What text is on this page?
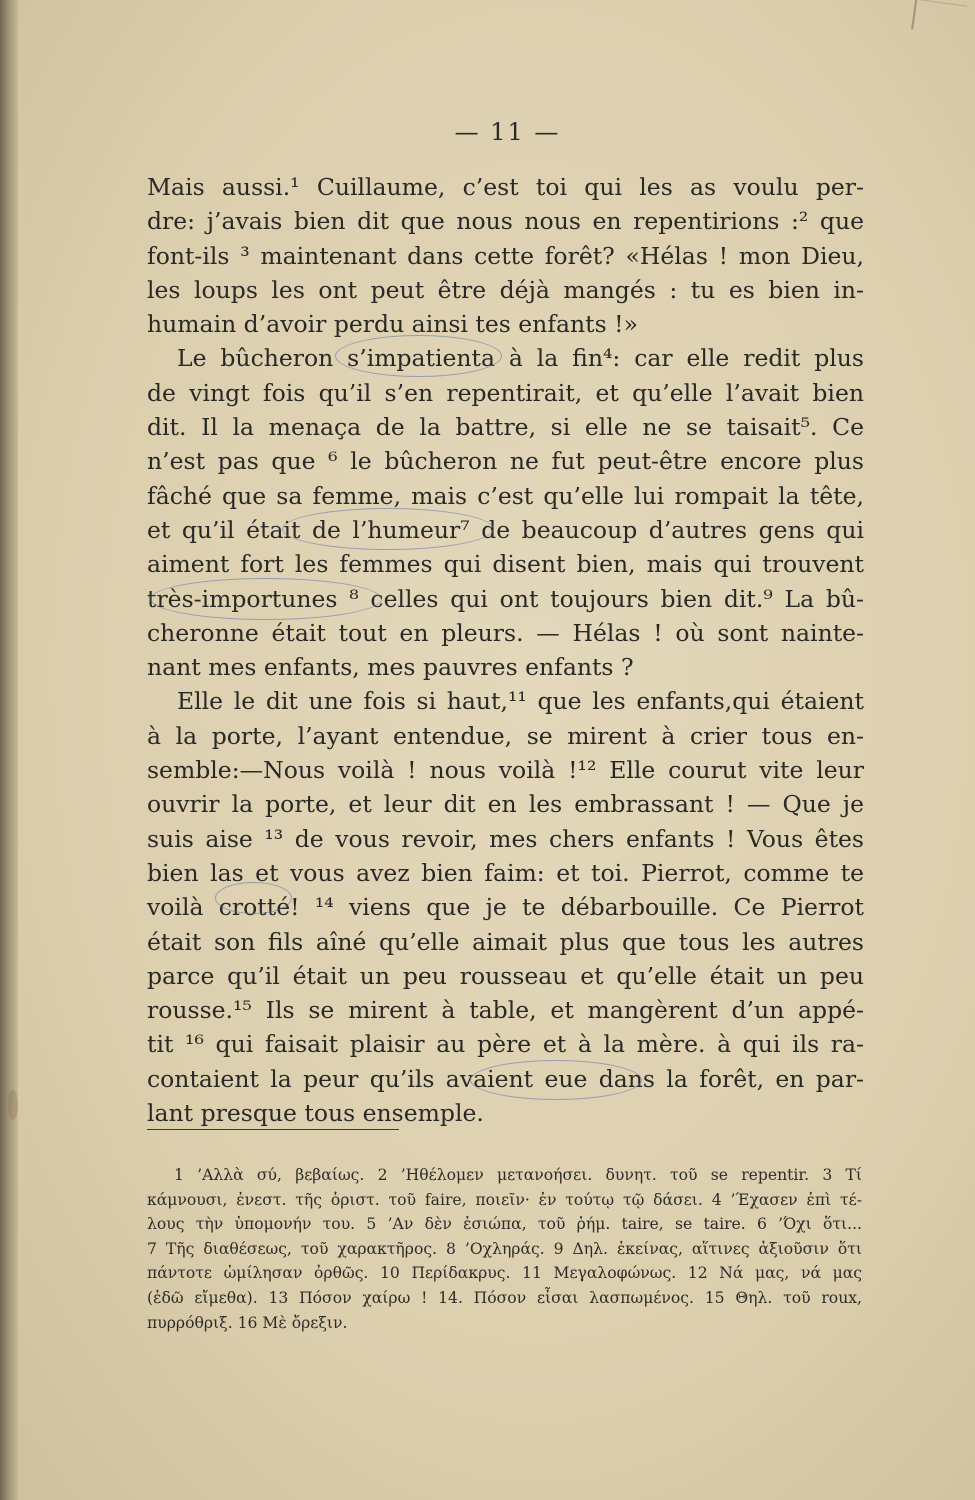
— 11 —
Mais aussi.¹ Cuillaume, c’est toi qui les as voulu per-
dre: j’avais bien dit que nous nous en repentirions :² que
font-ils ³ maintenant dans cette forêt? «Hélas ! mon Dieu,
les loups les ont peut être déjà mangés : tu es bien in-
humain d’avoir perdu ainsi tes enfants !»
Le bûcheron s’impatienta à la fin⁴: car elle redit plus
de vingt fois qu’il s’en repentirait, et qu’elle l’avait bien
dit. Il la menaça de la battre, si elle ne se taisait⁵. Ce
n’est pas que ⁶ le bûcheron ne fut peut-être encore plus
fâché que sa femme, mais c’est qu’elle lui rompait la tête,
et qu’il était de l’humeur⁷ de beaucoup d’autres gens qui
aiment fort les femmes qui disent bien, mais qui trouvent
très-importunes ⁸ celles qui ont toujours bien dit.⁹ La bû-
cheronne était tout en pleurs. — Hélas ! où sont nainte-
nant mes enfants, mes pauvres enfants ?
Elle le dit une fois si haut,¹¹ que les enfants,qui étaient
à la porte, l’ayant entendue, se mirent à crier tous en-
semble:—Nous voilà ! nous voilà !¹² Elle courut vite leur
ouvrir la porte, et leur dit en les embrassant ! — Que je
suis aise ¹³ de vous revoir, mes chers enfants ! Vous êtes
bien las et vous avez bien faim: et toi. Pierrot, comme te
voilà crotté! ¹⁴ viens que je te débarbouille. Ce Pierrot
était son fils aîné qu’elle aimait plus que tous les autres
parce qu’il était un peu rousseau et qu’elle était un peu
rousse.¹⁵ Ils se mirent à table, et mangèrent d’un appé-
tit ¹⁶ qui faisait plaisir au père et à la mère. à qui ils ra-
contaient la peur qu’ils avaient eue dans la forêt, en par-
lant presque tous ensemple.
1 ’Αλλὰ σύ, βεβαίως. 2 ’Ηθέλομεν μετανοήσει. δυνητ. τοῦ se repentir. 3 Τί
κάμνουσι, ἐνεστ. τῆς ὁριστ. τοῦ faire, ποιεῖν· ἐν τούτῳ τῷ δάσει. 4 ’Έχασεν ἐπὶ τέ-
λους τὴν ὑπομονήν του. 5 ’Αν δὲν ἐσιώπα, τοῦ ῥήμ. taire, se taire. 6 ’Όχι ὅτι...
7 Τῆς διαθέσεως, τοῦ χαρακτῆρος. 8 ’Οχληράς. 9 Δηλ. ἐκείνας, αἵτινες ἀξιοῦσιν ὅτι
πάντοτε ὡμίλησαν ὀρθῶς. 10 Περίδακρυς. 11 Μεγαλοφώνως. 12 Νά μας, νά μας
(ἐδῶ εἴμεθα). 13 Πόσον χαίρω ! 14. Πόσον εἶσαι λασπωμένος. 15 Θηλ. τοῦ roux,
πυρρόθριξ. 16 Μὲ ὄρεξιν.
